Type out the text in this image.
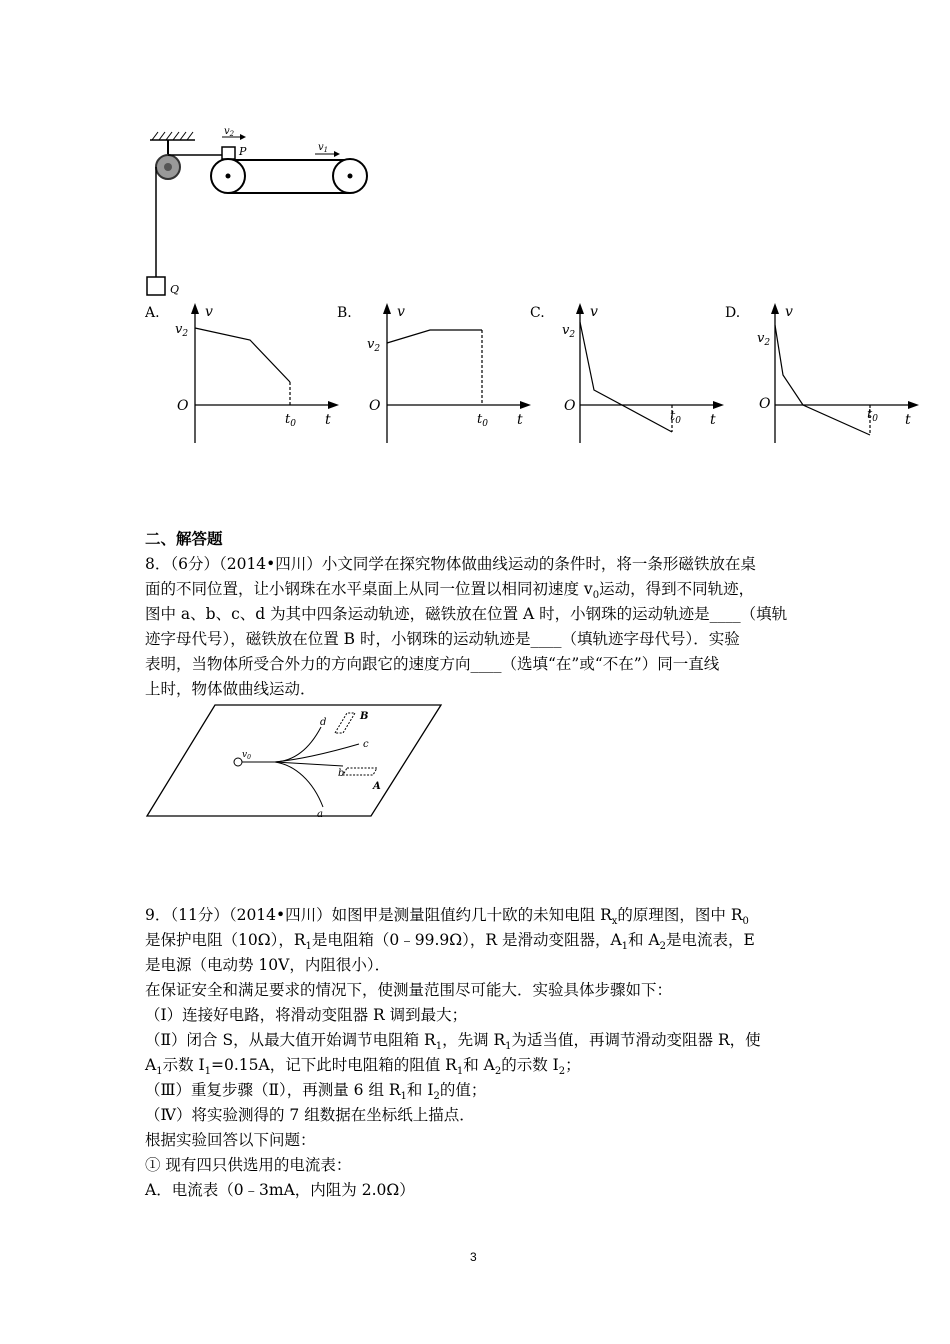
$v_2$
$v_1$
P
Q
A.	v
t
O
$v_2$
$t_0$
B.	v
t
O
$v_2$
$t_0$
C.	v
t
O
$v_2$
$t_0$
D.	v
t
O
$v_2$
$t_0$
二、解答题
8．（6分）（2014•四川）小文同学在探究物体做曲线运动的条件时，将一条形磁铁放在桌
面的不同位置，让小钢珠在水平桌面上从同一位置以相同初速度 $v_0$运动，得到不同轨迹，
图中 a、b、c、d 为其中四条运动轨迹，磁铁放在位置 A 时，小钢珠的运动轨迹是____（填轨
迹字母代号），磁铁放在位置 B 时，小钢珠的运动轨迹是____（填轨迹字母代号）．实验
表明，当物体所受合外力的方向跟它的速度方向____（选填“在”或“不在”）同一直线
上时，物体做曲线运动．
$v_0$
d
c
b
a
B
A
9．（11分）（2014•四川）如图甲是测量阻值约几十欧的未知电阻 $R_x$的原理图，图中 $R_0$
是保护电阻（10Ω），$R_1$是电阻箱（0﹣99.9Ω），R 是滑动变阻器，$A_1$和 $A_2$是电流表，E
是电源（电动势 10V，内阻很小）．
在保证安全和满足要求的情况下，使测量范围尽可能大．实验具体步骤如下：
（Ⅰ）连接好电路，将滑动变阻器 R 调到最大；
（Ⅱ）闭合 S，从最大值开始调节电阻箱 $R_1$，先调 $R_1$为适当值，再调节滑动变阻器 R，使
$A_1$示数 $I_1=0.15A$，记下此时电阻箱的阻值 $R_1$和 $A_2$的示数 $I_2$；
（Ⅲ）重复步骤（Ⅱ），再测量 6 组 $R_1$和 $I_2$的值；
（Ⅳ）将实验测得的 7 组数据在坐标纸上描点．
根据实验回答以下问题：
① 现有四只供选用的电流表：
A．电流表（0﹣3mA，内阻为 2.0Ω）
3
